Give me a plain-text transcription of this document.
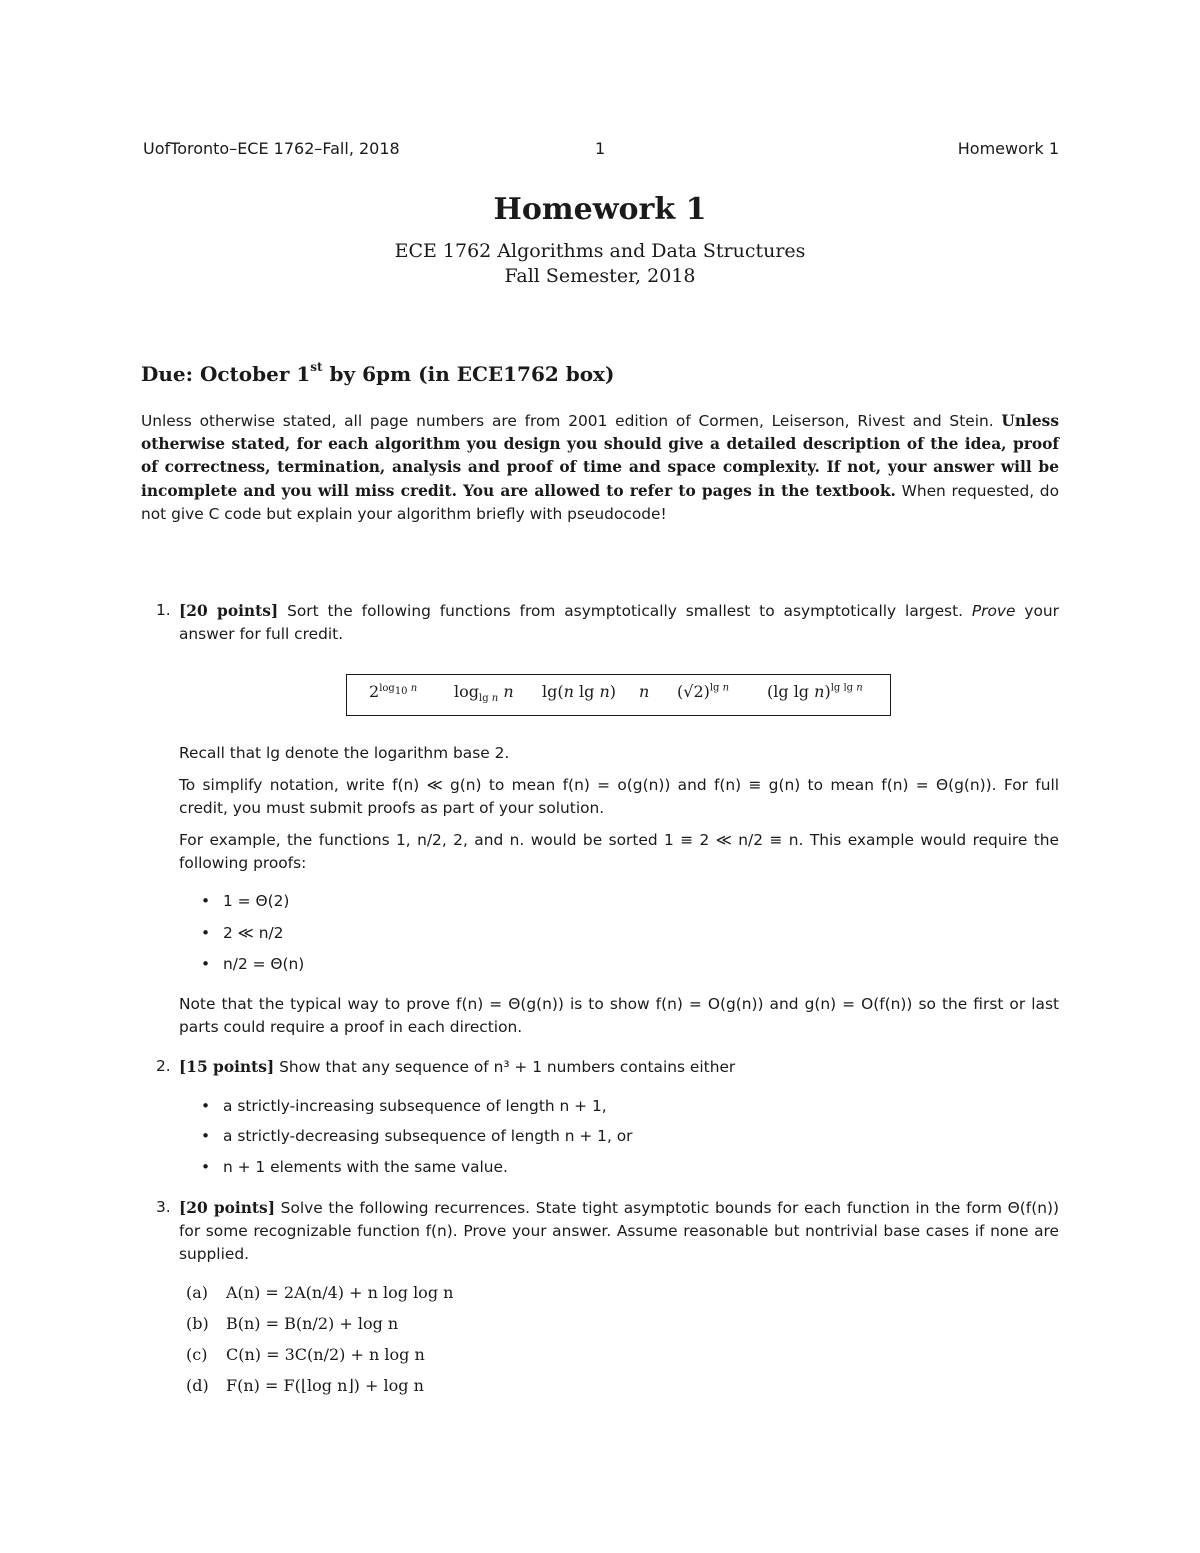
UofToronto–ECE 1762–Fall, 2018	1	Homework 1
Homework 1
ECE 1762 Algorithms and Data Structures
Fall Semester, 2018
Due: October 1st by 6pm (in ECE1762 box)
Unless otherwise stated, all page numbers are from 2001 edition of Cormen, Leiserson, Rivest and Stein. Unless otherwise stated, for each algorithm you design you should give a detailed description of the idea, proof of correctness, termination, analysis and proof of time and space complexity. If not, your answer will be incomplete and you will miss credit. You are allowed to refer to pages in the textbook. When requested, do not give C code but explain your algorithm briefly with pseudocode!
1. [20 points] Sort the following functions from asymptotically smallest to asymptotically largest. Prove your answer for full credit.
$2^{log_{10} n}$ $\log_{lg n} n$ lg(n lg n) n $(√2)^{lg n}$ (lg lg n)$^{lg lg n}$
Recall that lg denote the logarithm base 2.
To simplify notation, write f(n) ≪ g(n) to mean f(n) = o(g(n)) and f(n) ≡ g(n) to mean f(n) = Θ(g(n)). For full credit, you must submit proofs as part of your solution.
For example, the functions 1, n/2, 2, and n. would be sorted 1 ≡ 2 ≪ n/2 ≡ n. This example would require the following proofs:
• 1 = Θ(2)
• 2 ≪ n/2
• n/2 = Θ(n)
Note that the typical way to prove f(n) = Θ(g(n)) is to show f(n) = O(g(n)) and g(n) = O(f(n)) so the first or last parts could require a proof in each direction.
2. [15 points] Show that any sequence of n³ + 1 numbers contains either
• a strictly-increasing subsequence of length n + 1,
• a strictly-decreasing subsequence of length n + 1, or
• n + 1 elements with the same value.
3. [20 points] Solve the following recurrences. State tight asymptotic bounds for each function in the form Θ(f(n)) for some recognizable function f(n). Prove your answer. Assume reasonable but nontrivial base cases if none are supplied.
(a) A(n) = 2A(n/4) + n log log n
(b) B(n) = B(n/2) + log n
(c) C(n) = 3C(n/2) + n log n
(d) F(n) = F(⌊log n⌋) + log n
